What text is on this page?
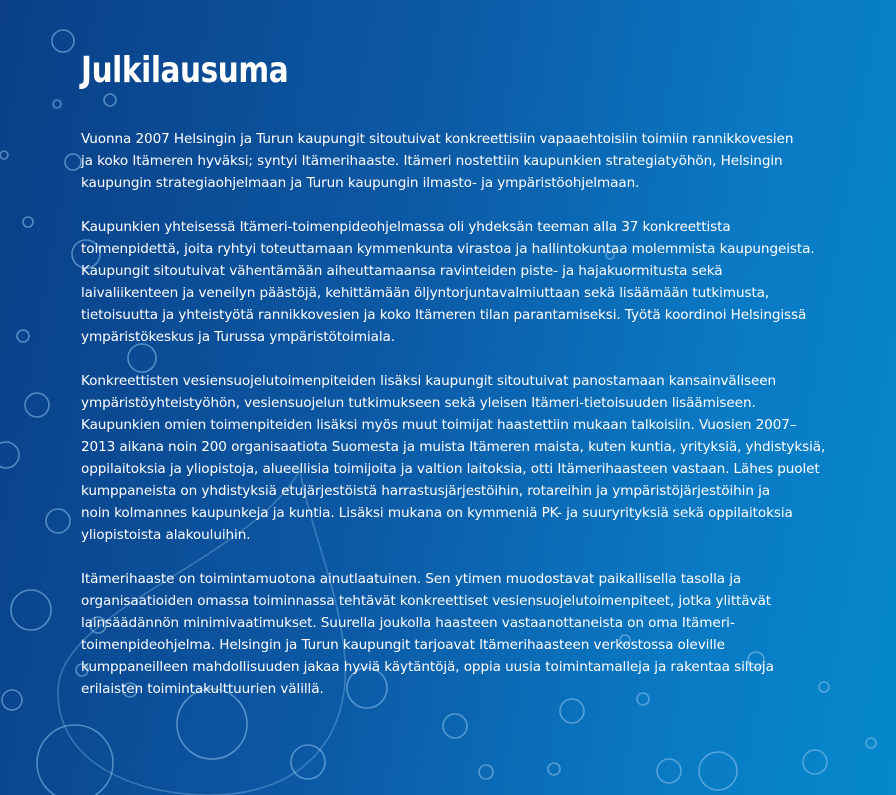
Julkilausuma

Vuonna 2007 Helsingin ja Turun kaupungit sitoutuivat konkreettisiin vapaaehtoisiin toimiin rannikkovesien
ja koko Itämeren hyväksi; syntyi Itämerihaaste. Itämeri nostettiin kaupunkien strategiatyöhön, Helsingin
kaupungin strategiaohjelmaan ja Turun kaupungin ilmasto- ja ympäristöohjelmaan.

Kaupunkien yhteisessä Itämeri-toimenpideohjelmassa oli yhdeksän teeman alla 37 konkreettista
toimenpidettä, joita ryhtyi toteuttamaan kymmenkunta virastoa ja hallintokuntaa molemmista kaupungeista.
Kaupungit sitoutuivat vähentämään aiheuttamaansa ravinteiden piste- ja hajakuormitusta sekä
laivaliikenteen ja veneilyn päästöjä, kehittämään öljyntorjuntavalmiuttaan sekä lisäämään tutkimusta,
tietoisuutta ja yhteistyötä rannikkovesien ja koko Itämeren tilan parantamiseksi. Työtä koordinoi Helsingissä
ympäristökeskus ja Turussa ympäristötoimiala.

Konkreettisten vesiensuojelutoimenpiteiden lisäksi kaupungit sitoutuivat panostamaan kansainväliseen
ympäristöyhteistyöhön, vesiensuojelun tutkimukseen sekä yleisen Itämeri-tietoisuuden lisäämiseen.
Kaupunkien omien toimenpiteiden lisäksi myös muut toimijat haastettiin mukaan talkoisiin. Vuosien 2007–
2013 aikana noin 200 organisaatiota Suomesta ja muista Itämeren maista, kuten kuntia, yrityksiä, yhdistyksiä,
oppilaitoksia ja yliopistoja, alueellisia toimijoita ja valtion laitoksia, otti Itämerihaasteen vastaan. Lähes puolet
kumppaneista on yhdistyksiä etujärjestöistä harrastusjärjestöihin, rotareihin ja ympäristöjärjestöihin ja
noin kolmannes kaupunkeja ja kuntia. Lisäksi mukana on kymmeniä PK- ja suuryrityksiä sekä oppilaitoksia
yliopistoista alakouluihin.

Itämerihaaste on toimintamuotona ainutlaatuinen. Sen ytimen muodostavat paikallisella tasolla ja
organisaatioiden omassa toiminnassa tehtävät konkreettiset vesiensuojelutoimenpiteet, jotka ylittävät
lainsäädännön minimivaatimukset. Suurella joukolla haasteen vastaanottaneista on oma Itämeri-
toimenpideohjelma. Helsingin ja Turun kaupungit tarjoavat Itämerihaasteen verkostossa oleville
kumppaneilleen mahdollisuuden jakaa hyviä käytäntöjä, oppia uusia toimintamalleja ja rakentaa siltoja
erilaisten toimintakulttuurien välillä.
